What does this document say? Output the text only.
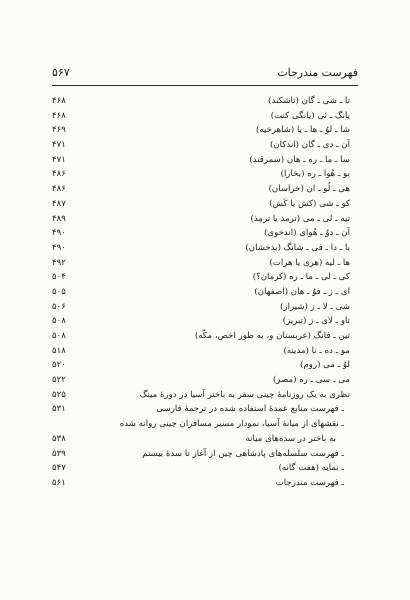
فهرست مندرجات
۵۶۷
تا ـ شی ـ گان (تاشکند)
۴۶۸
یانگ ـ ئی (یانگی کنت)
۴۶۸
شا ـ لوُ ـ ها ـ یا (شاهرخیه)
۴۶۹
آن ـ دی ـ گان (اندکان)
۴۷۱
سا ـ ما ـ ره ـ هان (سمرقند)
۴۷۱
بو ـ هُوا ـ ره (بخارا)
۴۸۶
هی ـ لُو ـ ان (خراسان)
۴۸۶
کو ـ شی (کش یا کَش)
۴۸۷
تیه ـ لی ـ می (ترمذ یا ترمِذ)
۴۸۹
آن ـ دوُ ـ هُوای (اندخوی)
۴۹۰
با ـ دا ـ فی ـ شانگ (بدخشان)
۴۹۰
ها ـ لیه (هری یا هرات)
۴۹۲
کی ـ لی ـ ما ـ ره (کرمان؟)
۵۰۴
ای ـ ز ـ فوُ ـ هان (اصفهان)
۵۰۵
شی ـ لا ـ ز (شیراز)
۵۰۶
تاو ـ لای ـ ز (تبریز)
۵۰۸
تین ـ فانگ (عربستان و، به طور اخص، مکّه)
۵۰۸
مو ـ ده ـ نا (مدینه)
۵۱۸
لوُ ـ می (روم)
۵۲۰
می ـ سی ـ ره (مصر)
۵۲۲
نظری به یک روزنامهٔ چینی سفر به باختر آسیا در دورهٔ مینگ
۵۲۵
ـ فهرست منابع عمدهٔ استفاده شده در ترجمهٔ فارسی
۵۳۱
ـ نقشهای از میانهٔ آسیا، نمودار مسیر مسافران چینی روانه شده
به باختر در سده‌های میانه
۵۳۸
ـ فهرست سلسله‌های پادشاهی چین از آغاز تا سدهٔ بیستم
۵۳۹
ـ نمایه (هفت گانه)
۵۴۷
ـ فهرست مندرجات
۵۶۱
